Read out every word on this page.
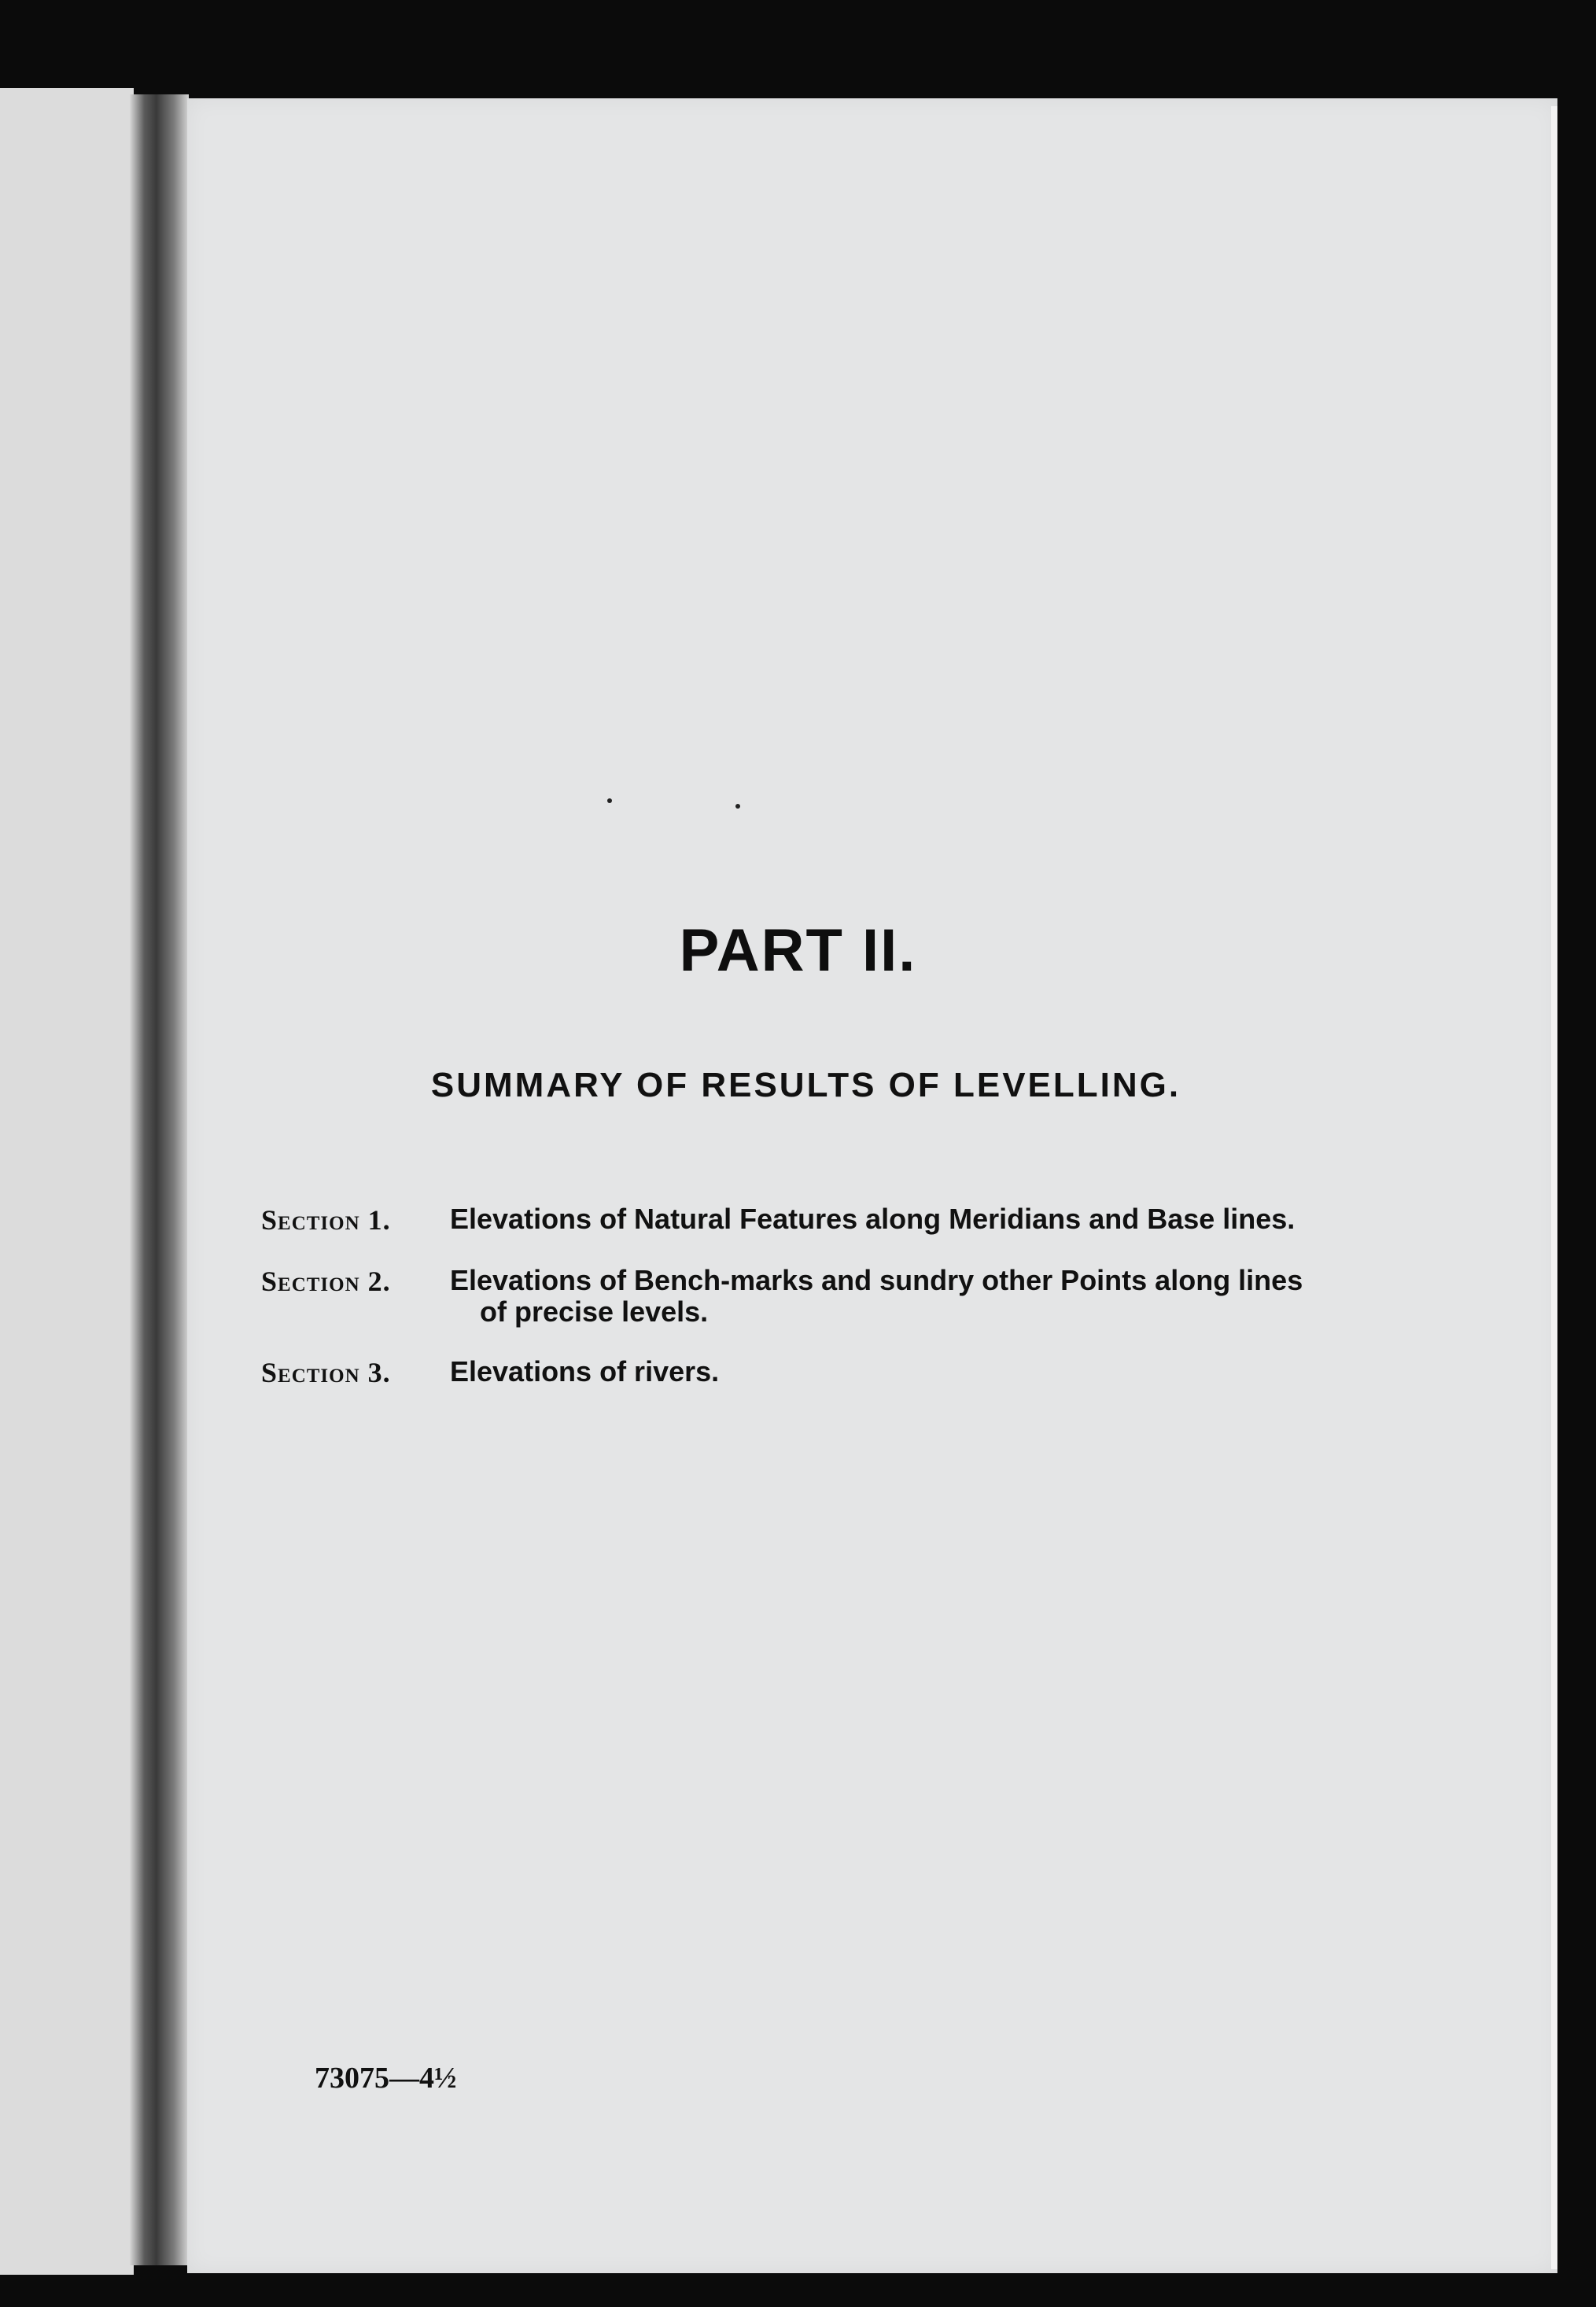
PART II.
SUMMARY OF RESULTS OF LEVELLING.
Section 1.	Elevations of Natural Features along Meridians and Base lines.
Section 2.	Elevations of Bench-marks and sundry other Points along lines
of precise levels.
Section 3.	Elevations of rivers.
73075—4½
